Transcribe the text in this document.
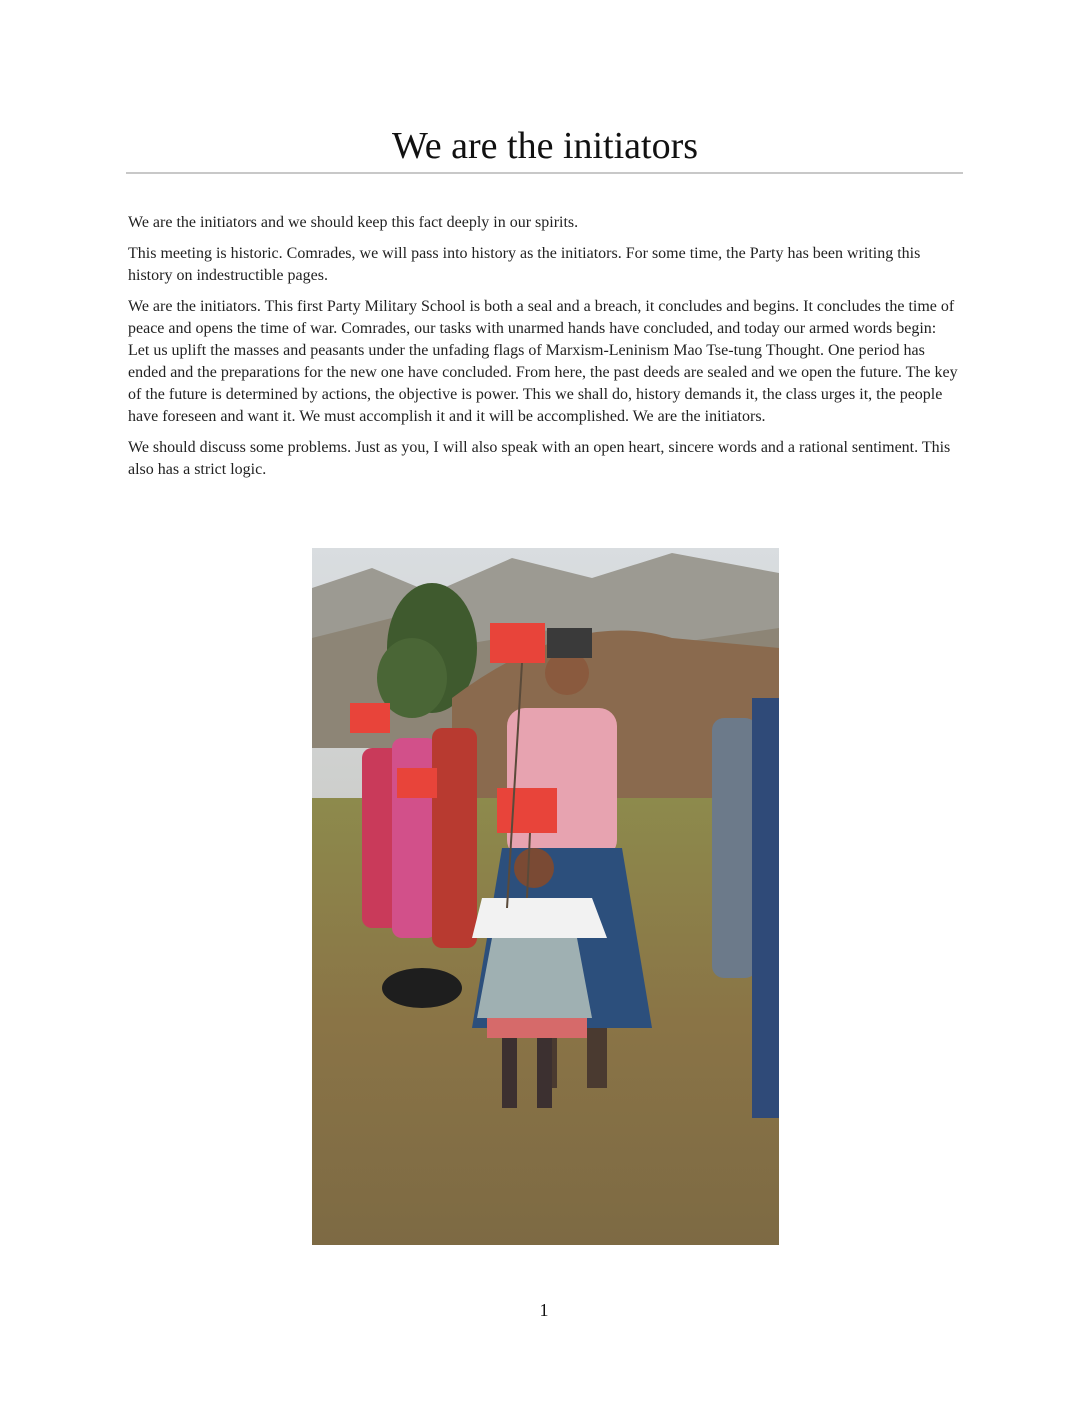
We are the initiators

We are the initiators and we should keep this fact deeply in our spirits.

This meeting is historic. Comrades, we will pass into history as the initiators. For some time, the Party has been writing this history on indestructible pages.

We are the initiators. This first Party Military School is both a seal and a breach, it concludes and begins. It concludes the time of peace and opens the time of war. Comrades, our tasks with unarmed hands have concluded, and today our armed words begin: Let us uplift the masses and peasants under the unfading flags of Marxism-Leninism Mao Tse-tung Thought. One period has ended and the preparations for the new one have concluded. From here, the past deeds are sealed and we open the future. The key of the future is determined by actions, the objective is power. This we shall do, history demands it, the class urges it, the people have foreseen and want it. We must accomplish it and it will be accomplished. We are the initiators.

We should discuss some problems. Just as you, I will also speak with an open heart, sincere words and a rational sentiment. This also has a strict logic.

1
